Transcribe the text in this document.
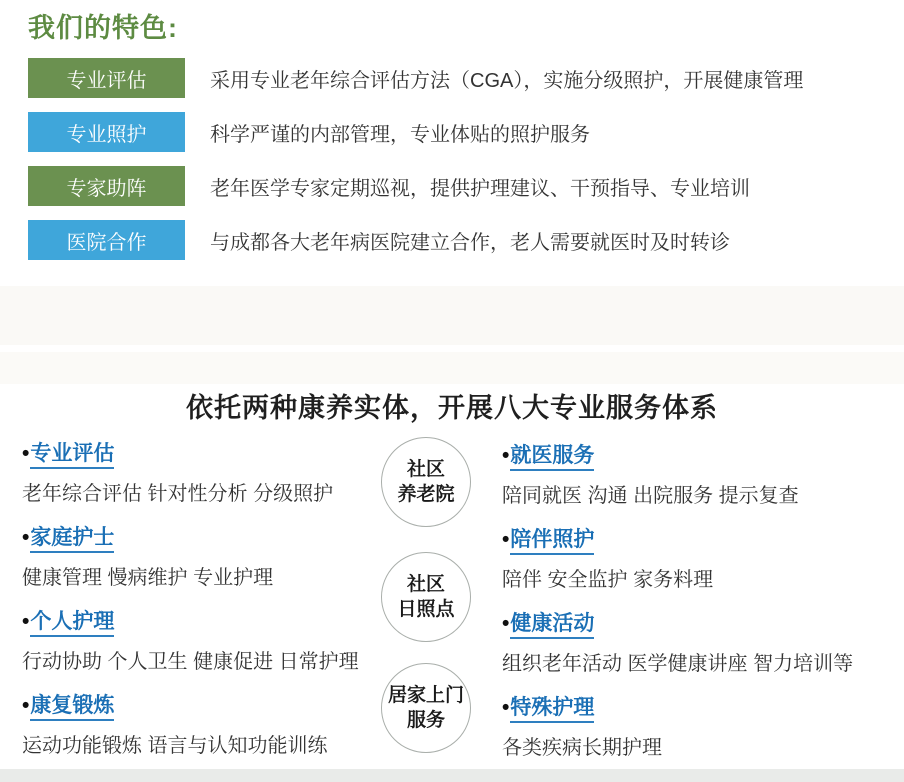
我们的特色:
专业评估	采用专业老年综合评估方法（CGA），实施分级照护，开展健康管理
专业照护	科学严谨的内部管理，专业体贴的照护服务
专家助阵	老年医学专家定期巡视，提供护理建议、干预指导、专业培训
医院合作	与成都各大老年病医院建立合作，老人需要就医时及时转诊
依托两种康养实体，开展八大专业服务体系
•专业评估
老年综合评估 针对性分析 分级照护
•家庭护士
健康管理 慢病维护 专业护理
•个人护理
行动协助 个人卫生 健康促进 日常护理
•康复锻炼
运动功能锻炼 语言与认知功能训练
社区
养老院
社区
日照点
居家上门
服务
•就医服务
陪同就医 沟通 出院服务 提示复查
•陪伴照护
陪伴 安全监护 家务料理
•健康活动
组织老年活动 医学健康讲座 智力培训等
•特殊护理
各类疾病长期护理
